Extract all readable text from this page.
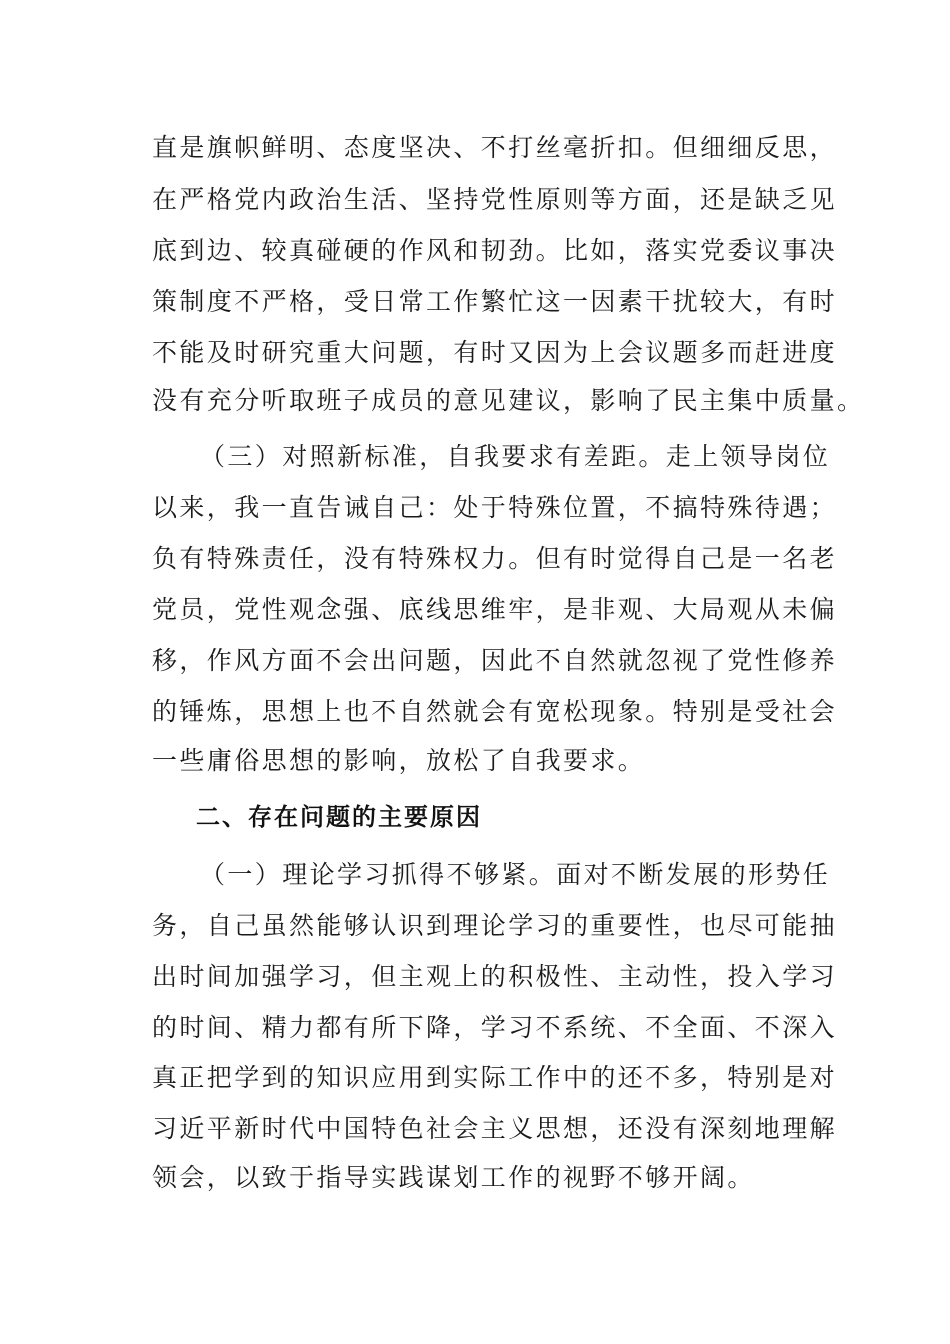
直是旗帜鲜明、态度坚决、不打丝毫折扣。但细细反思，
在严格党内政治生活、坚持党性原则等方面，还是缺乏见
底到边、较真碰硬的作风和韧劲。比如，落实党委议事决
策制度不严格，受日常工作繁忙这一因素干扰较大，有时
不能及时研究重大问题，有时又因为上会议题多而赶进度
没有充分听取班子成员的意见建议，影响了民主集中质量。
（三）对照新标准，自我要求有差距。走上领导岗位
以来，我一直告诫自己：处于特殊位置，不搞特殊待遇；
负有特殊责任，没有特殊权力。但有时觉得自己是一名老
党员，党性观念强、底线思维牢，是非观、大局观从未偏
移，作风方面不会出问题，因此不自然就忽视了党性修养
的锤炼，思想上也不自然就会有宽松现象。特别是受社会
一些庸俗思想的影响，放松了自我要求。
二、存在问题的主要原因
（一）理论学习抓得不够紧。面对不断发展的形势任
务，自己虽然能够认识到理论学习的重要性，也尽可能抽
出时间加强学习，但主观上的积极性、主动性，投入学习
的时间、精力都有所下降，学习不系统、不全面、不深入
真正把学到的知识应用到实际工作中的还不多，特别是对
习近平新时代中国特色社会主义思想，还没有深刻地理解
领会，以致于指导实践谋划工作的视野不够开阔。
